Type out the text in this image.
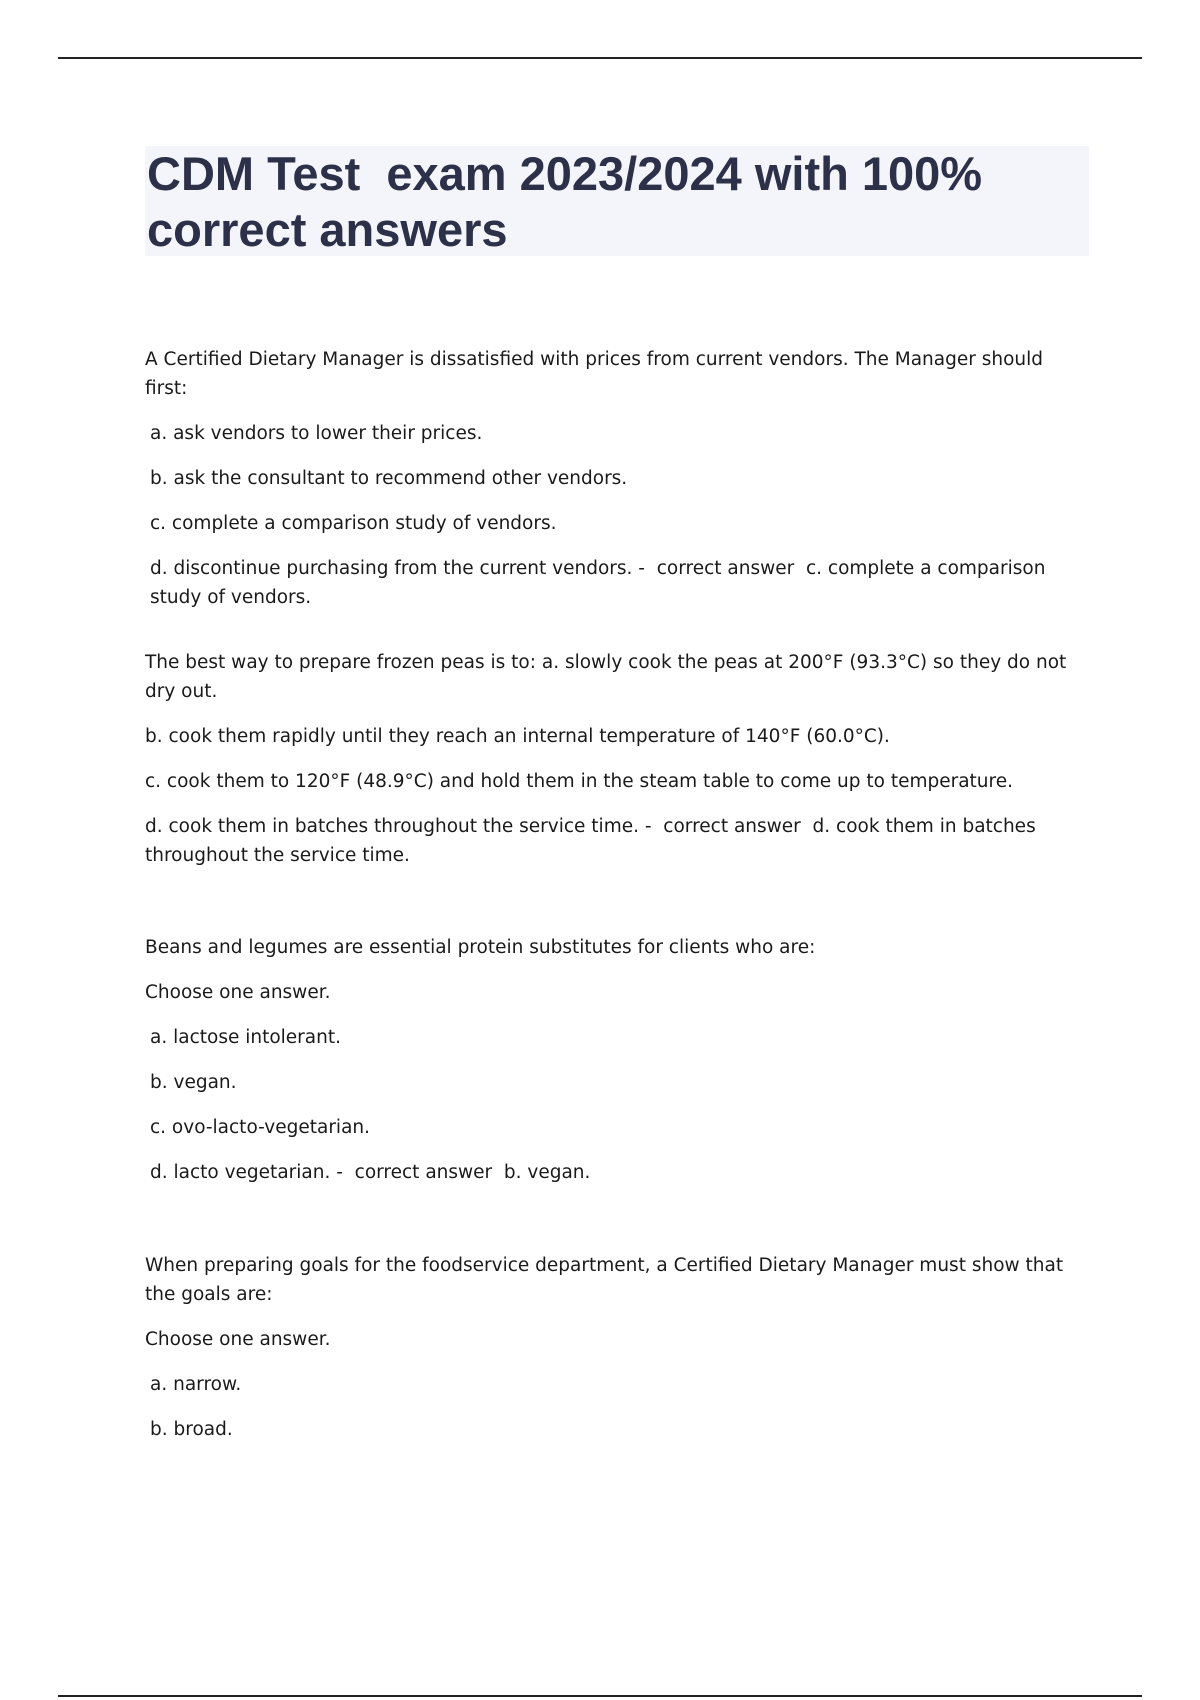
CDM Test  exam 2023/2024 with 100% correct answers

A Certified Dietary Manager is dissatisfied with prices from current vendors. The Manager should first:

a. ask vendors to lower their prices.

b. ask the consultant to recommend other vendors.

c. complete a comparison study of vendors.

d. discontinue purchasing from the current vendors. -  correct answer  c. complete a comparison study of vendors.

The best way to prepare frozen peas is to: a. slowly cook the peas at 200°F (93.3°C) so they do not dry out.

b. cook them rapidly until they reach an internal temperature of 140°F (60.0°C).

c. cook them to 120°F (48.9°C) and hold them in the steam table to come up to temperature.

d. cook them in batches throughout the service time. -  correct answer  d. cook them in batches throughout the service time.

Beans and legumes are essential protein substitutes for clients who are:

Choose one answer.

a. lactose intolerant.

b. vegan.

c. ovo-lacto-vegetarian.

d. lacto vegetarian. -  correct answer  b. vegan.

When preparing goals for the foodservice department, a Certified Dietary Manager must show that the goals are:

Choose one answer.

a. narrow.

b. broad.
